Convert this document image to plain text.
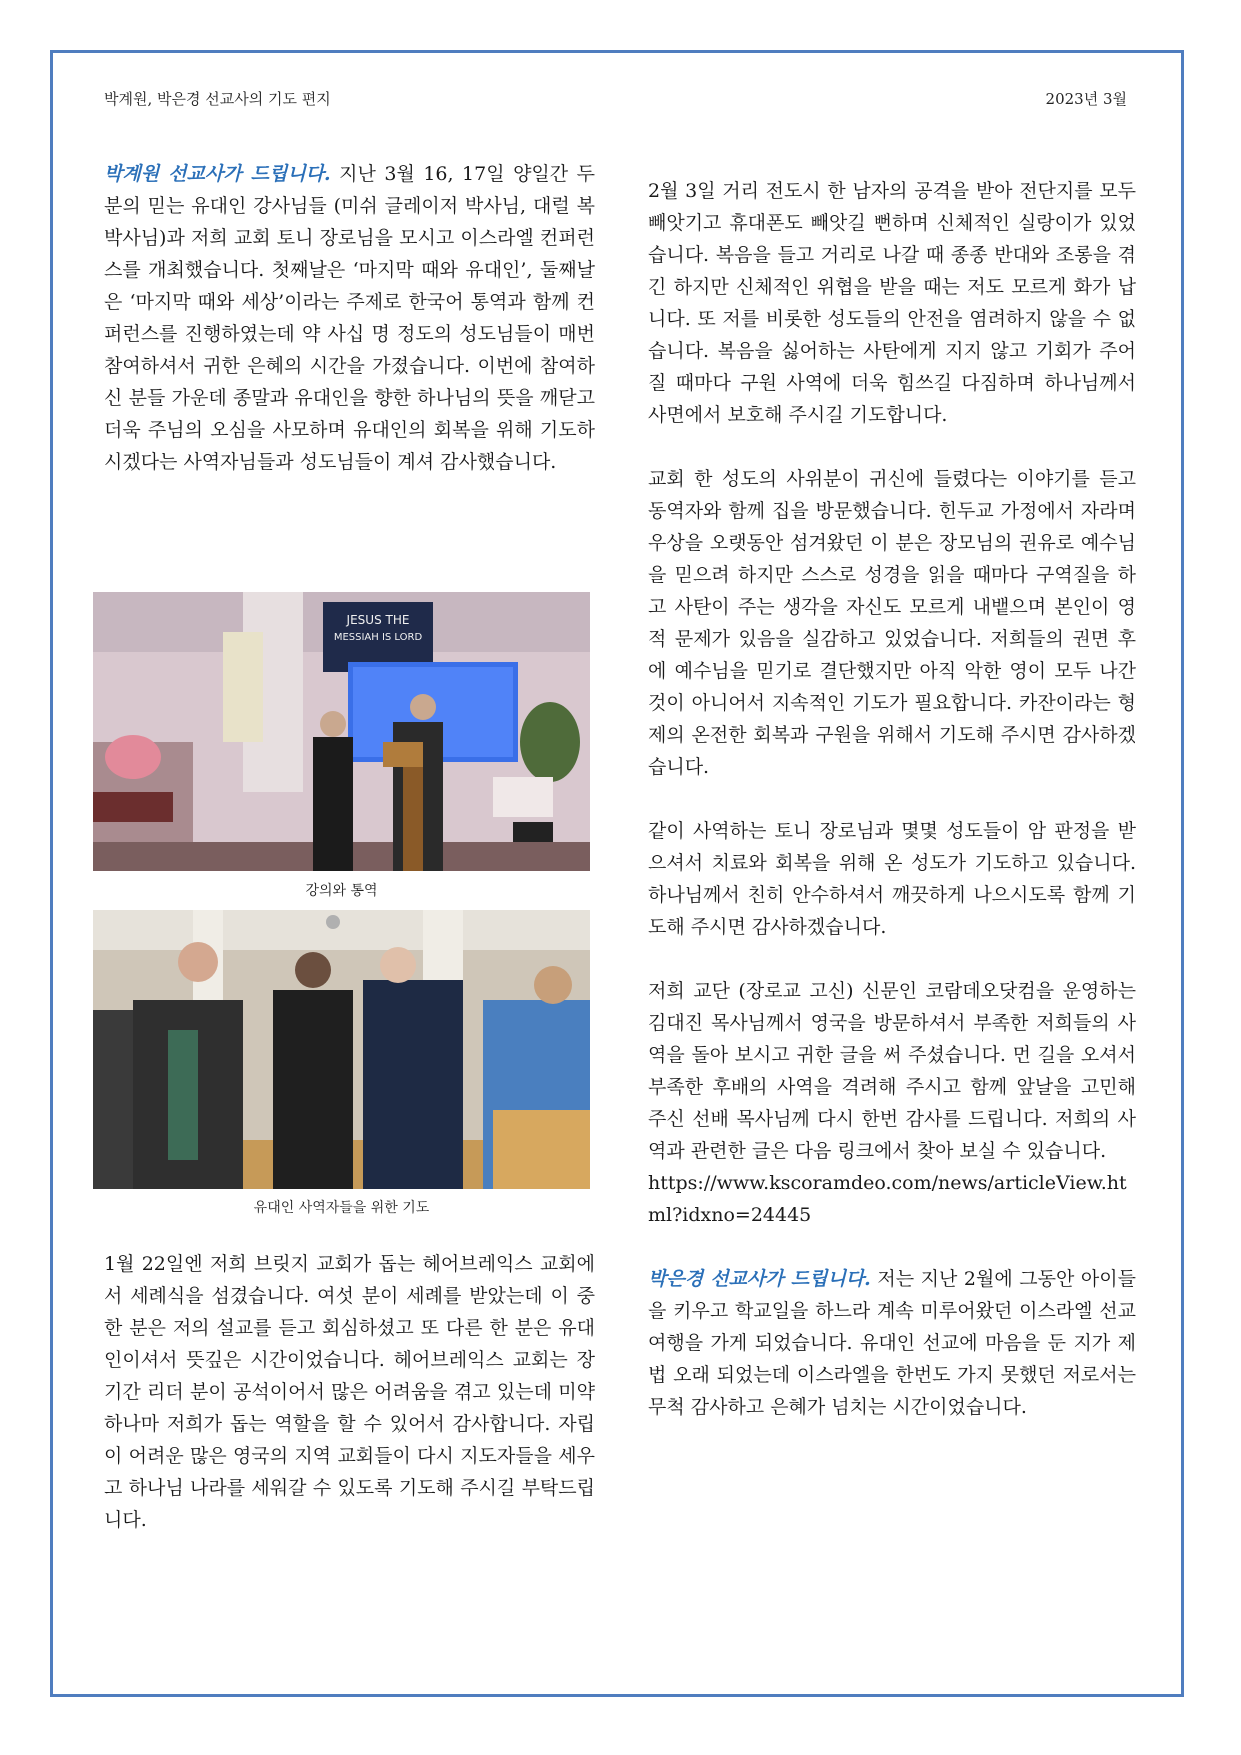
박계원, 박은경 선교사의 기도 편지	2023년 3월

박계원 선교사가 드립니다. 지난 3월 16, 17일 양일간 두 분의 믿는 유대인 강사님들 (미쉬 글레이저 박사님, 대럴 복 박사님)과 저희 교회 토니 장로님을 모시고 이스라엘 컨퍼런스를 개최했습니다. 첫째날은 ‘마지막 때와 유대인’, 둘째날은 ‘마지막 때와 세상’이라는 주제로 한국어 통역과 함께 컨퍼런스를 진행하였는데 약 사십 명 정도의 성도님들이 매번 참여하셔서 귀한 은혜의 시간을 가졌습니다. 이번에 참여하신 분들 가운데 종말과 유대인을 향한 하나님의 뜻을 깨닫고 더욱 주님의 오심을 사모하며 유대인의 회복을 위해 기도하시겠다는 사역자님들과 성도님들이 계셔 감사했습니다.

JESUS THE
MESSIAH IS LORD
강의와 통역
유대인 사역자들을 위한 기도

1월 22일엔 저희 브릿지 교회가 돕는 헤어브레익스 교회에서 세례식을 섬겼습니다. 여섯 분이 세례를 받았는데 이 중 한 분은 저의 설교를 듣고 회심하셨고 또 다른 한 분은 유대인이셔서 뜻깊은 시간이었습니다. 헤어브레익스 교회는 장기간 리더 분이 공석이어서 많은 어려움을 겪고 있는데 미약하나마 저희가 돕는 역할을 할 수 있어서 감사합니다. 자립이 어려운 많은 영국의 지역 교회들이 다시 지도자들을 세우고 하나님 나라를 세워갈 수 있도록 기도해 주시길 부탁드립니다.

2월 3일 거리 전도시 한 남자의 공격을 받아 전단지를 모두 빼앗기고 휴대폰도 빼앗길 뻔하며 신체적인 실랑이가 있었습니다. 복음을 들고 거리로 나갈 때 종종 반대와 조롱을 겪긴 하지만 신체적인 위협을 받을 때는 저도 모르게 화가 납니다. 또 저를 비롯한 성도들의 안전을 염려하지 않을 수 없습니다. 복음을 싫어하는 사탄에게 지지 않고 기회가 주어질 때마다 구원 사역에 더욱 힘쓰길 다짐하며 하나님께서 사면에서 보호해 주시길 기도합니다.

교회 한 성도의 사위분이 귀신에 들렸다는 이야기를 듣고 동역자와 함께 집을 방문했습니다. 힌두교 가정에서 자라며 우상을 오랫동안 섬겨왔던 이 분은 장모님의 권유로 예수님을 믿으려 하지만 스스로 성경을 읽을 때마다 구역질을 하고 사탄이 주는 생각을 자신도 모르게 내뱉으며 본인이 영적 문제가 있음을 실감하고 있었습니다. 저희들의 권면 후에 예수님을 믿기로 결단했지만 아직 악한 영이 모두 나간 것이 아니어서 지속적인 기도가 필요합니다. 카잔이라는 형제의 온전한 회복과 구원을 위해서 기도해 주시면 감사하겠습니다.

같이 사역하는 토니 장로님과 몇몇 성도들이 암 판정을 받으셔서 치료와 회복을 위해 온 성도가 기도하고 있습니다. 하나님께서 친히 안수하셔서 깨끗하게 나으시도록 함께 기도해 주시면 감사하겠습니다.

저희 교단 (장로교 고신) 신문인 코람데오닷컴을 운영하는 김대진 목사님께서 영국을 방문하셔서 부족한 저희들의 사역을 돌아 보시고 귀한 글을 써 주셨습니다. 먼 길을 오셔서 부족한 후배의 사역을 격려해 주시고 함께 앞날을 고민해 주신 선배 목사님께 다시 한번 감사를 드립니다. 저희의 사역과 관련한 글은 다음 링크에서 찾아 보실 수 있습니다.

https://www.kscoramdeo.com/news/articleView.html?idxno=24445

박은경 선교사가 드립니다. 저는 지난 2월에 그동안 아이들을 키우고 학교일을 하느라 계속 미루어왔던 이스라엘 선교여행을 가게 되었습니다. 유대인 선교에 마음을 둔 지가 제법 오래 되었는데 이스라엘을 한번도 가지 못했던 저로서는 무척 감사하고 은혜가 넘치는 시간이었습니다.
